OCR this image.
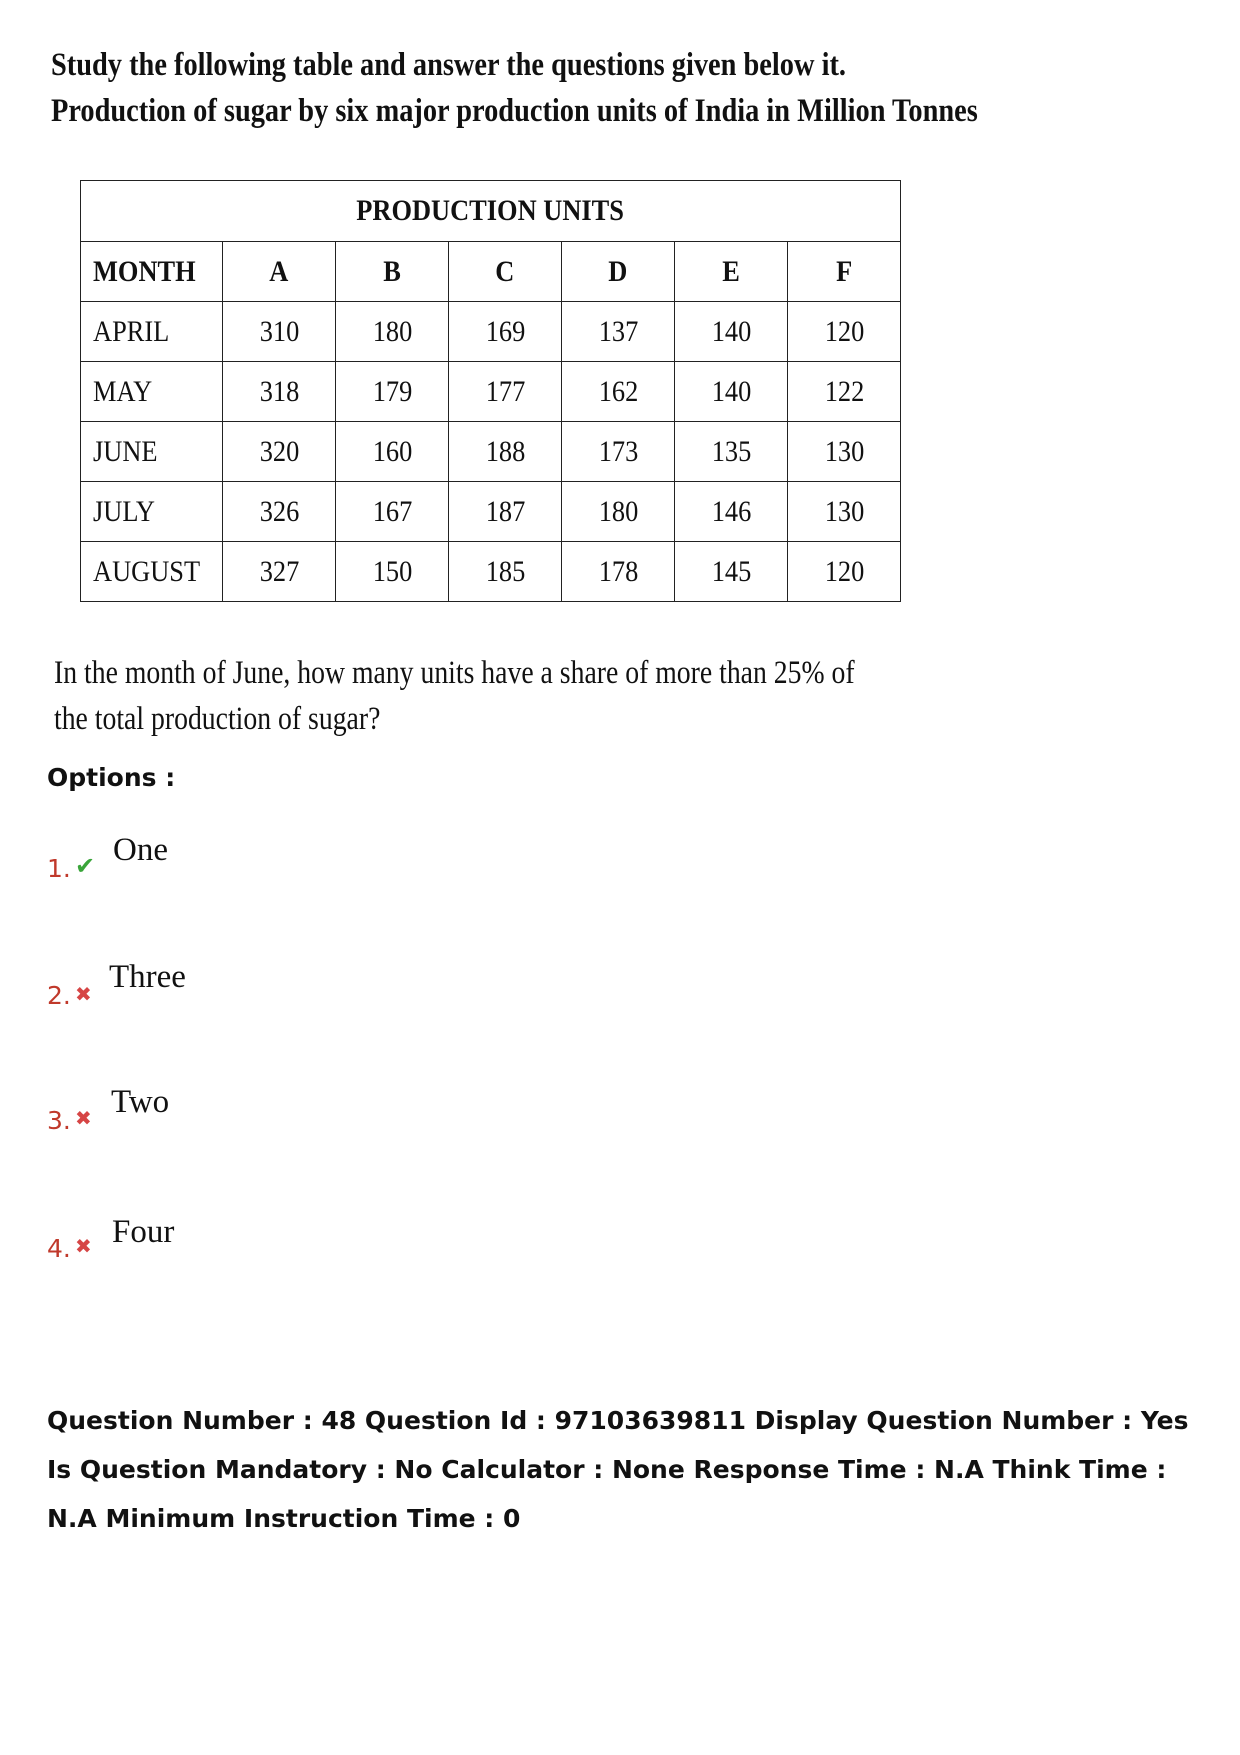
Study the following table and answer the questions given below it.
Production of sugar by six major production units of India in Million Tonnes
PRODUCTION UNITS						
MONTH	A	B	C	D	E	F
APRIL	310	180	169	137	140	120
MAY	318	179	177	162	140	122
JUNE	320	160	188	173	135	130
JULY	326	167	187	180	146	130
AUGUST	327	150	185	178	145	120
In the month of June, how many units have a share of more than 25% of the total production of sugar?
Options :
1. ✔ One
2. ✖ Three
3. ✖ Two
4. ✖ Four
Question Number : 48 Question Id : 97103639811 Display Question Number : Yes Is Question Mandatory : No Calculator : None Response Time : N.A Think Time : N.A Minimum Instruction Time : 0
